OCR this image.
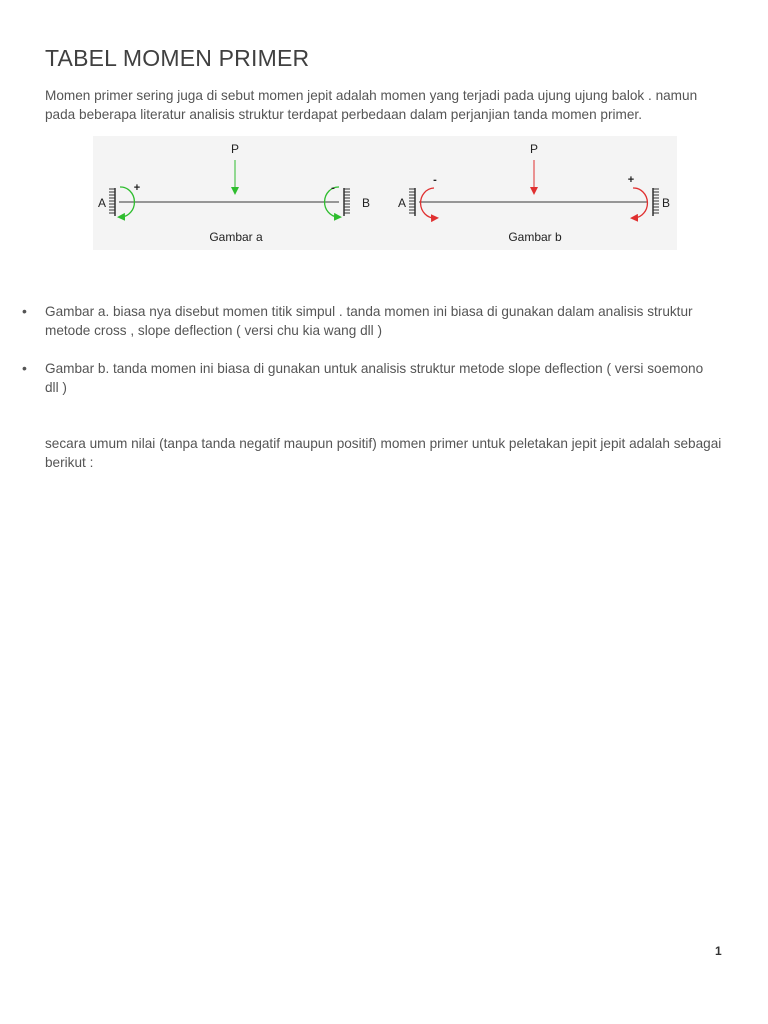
TABEL MOMEN PRIMER

Momen primer sering juga di sebut momen jepit adalah momen yang terjadi pada ujung ujung balok . namun pada beberapa literatur analisis struktur terdapat perbedaan dalam perjanjian tanda momen primer.

P
A	B
+	-
Gambar a
P
A	B
-	+
Gambar b
• Gambar a. biasa nya disebut momen titik simpul . tanda momen ini biasa di gunakan dalam analisis struktur metode cross , slope deflection ( versi chu kia wang dll )
• Gambar b. tanda momen ini biasa di gunakan untuk analisis struktur metode slope deflection ( versi soemono dll )

secara umum nilai (tanpa tanda negatif maupun positif) momen primer untuk peletakan jepit jepit adalah sebagai berikut :

1
